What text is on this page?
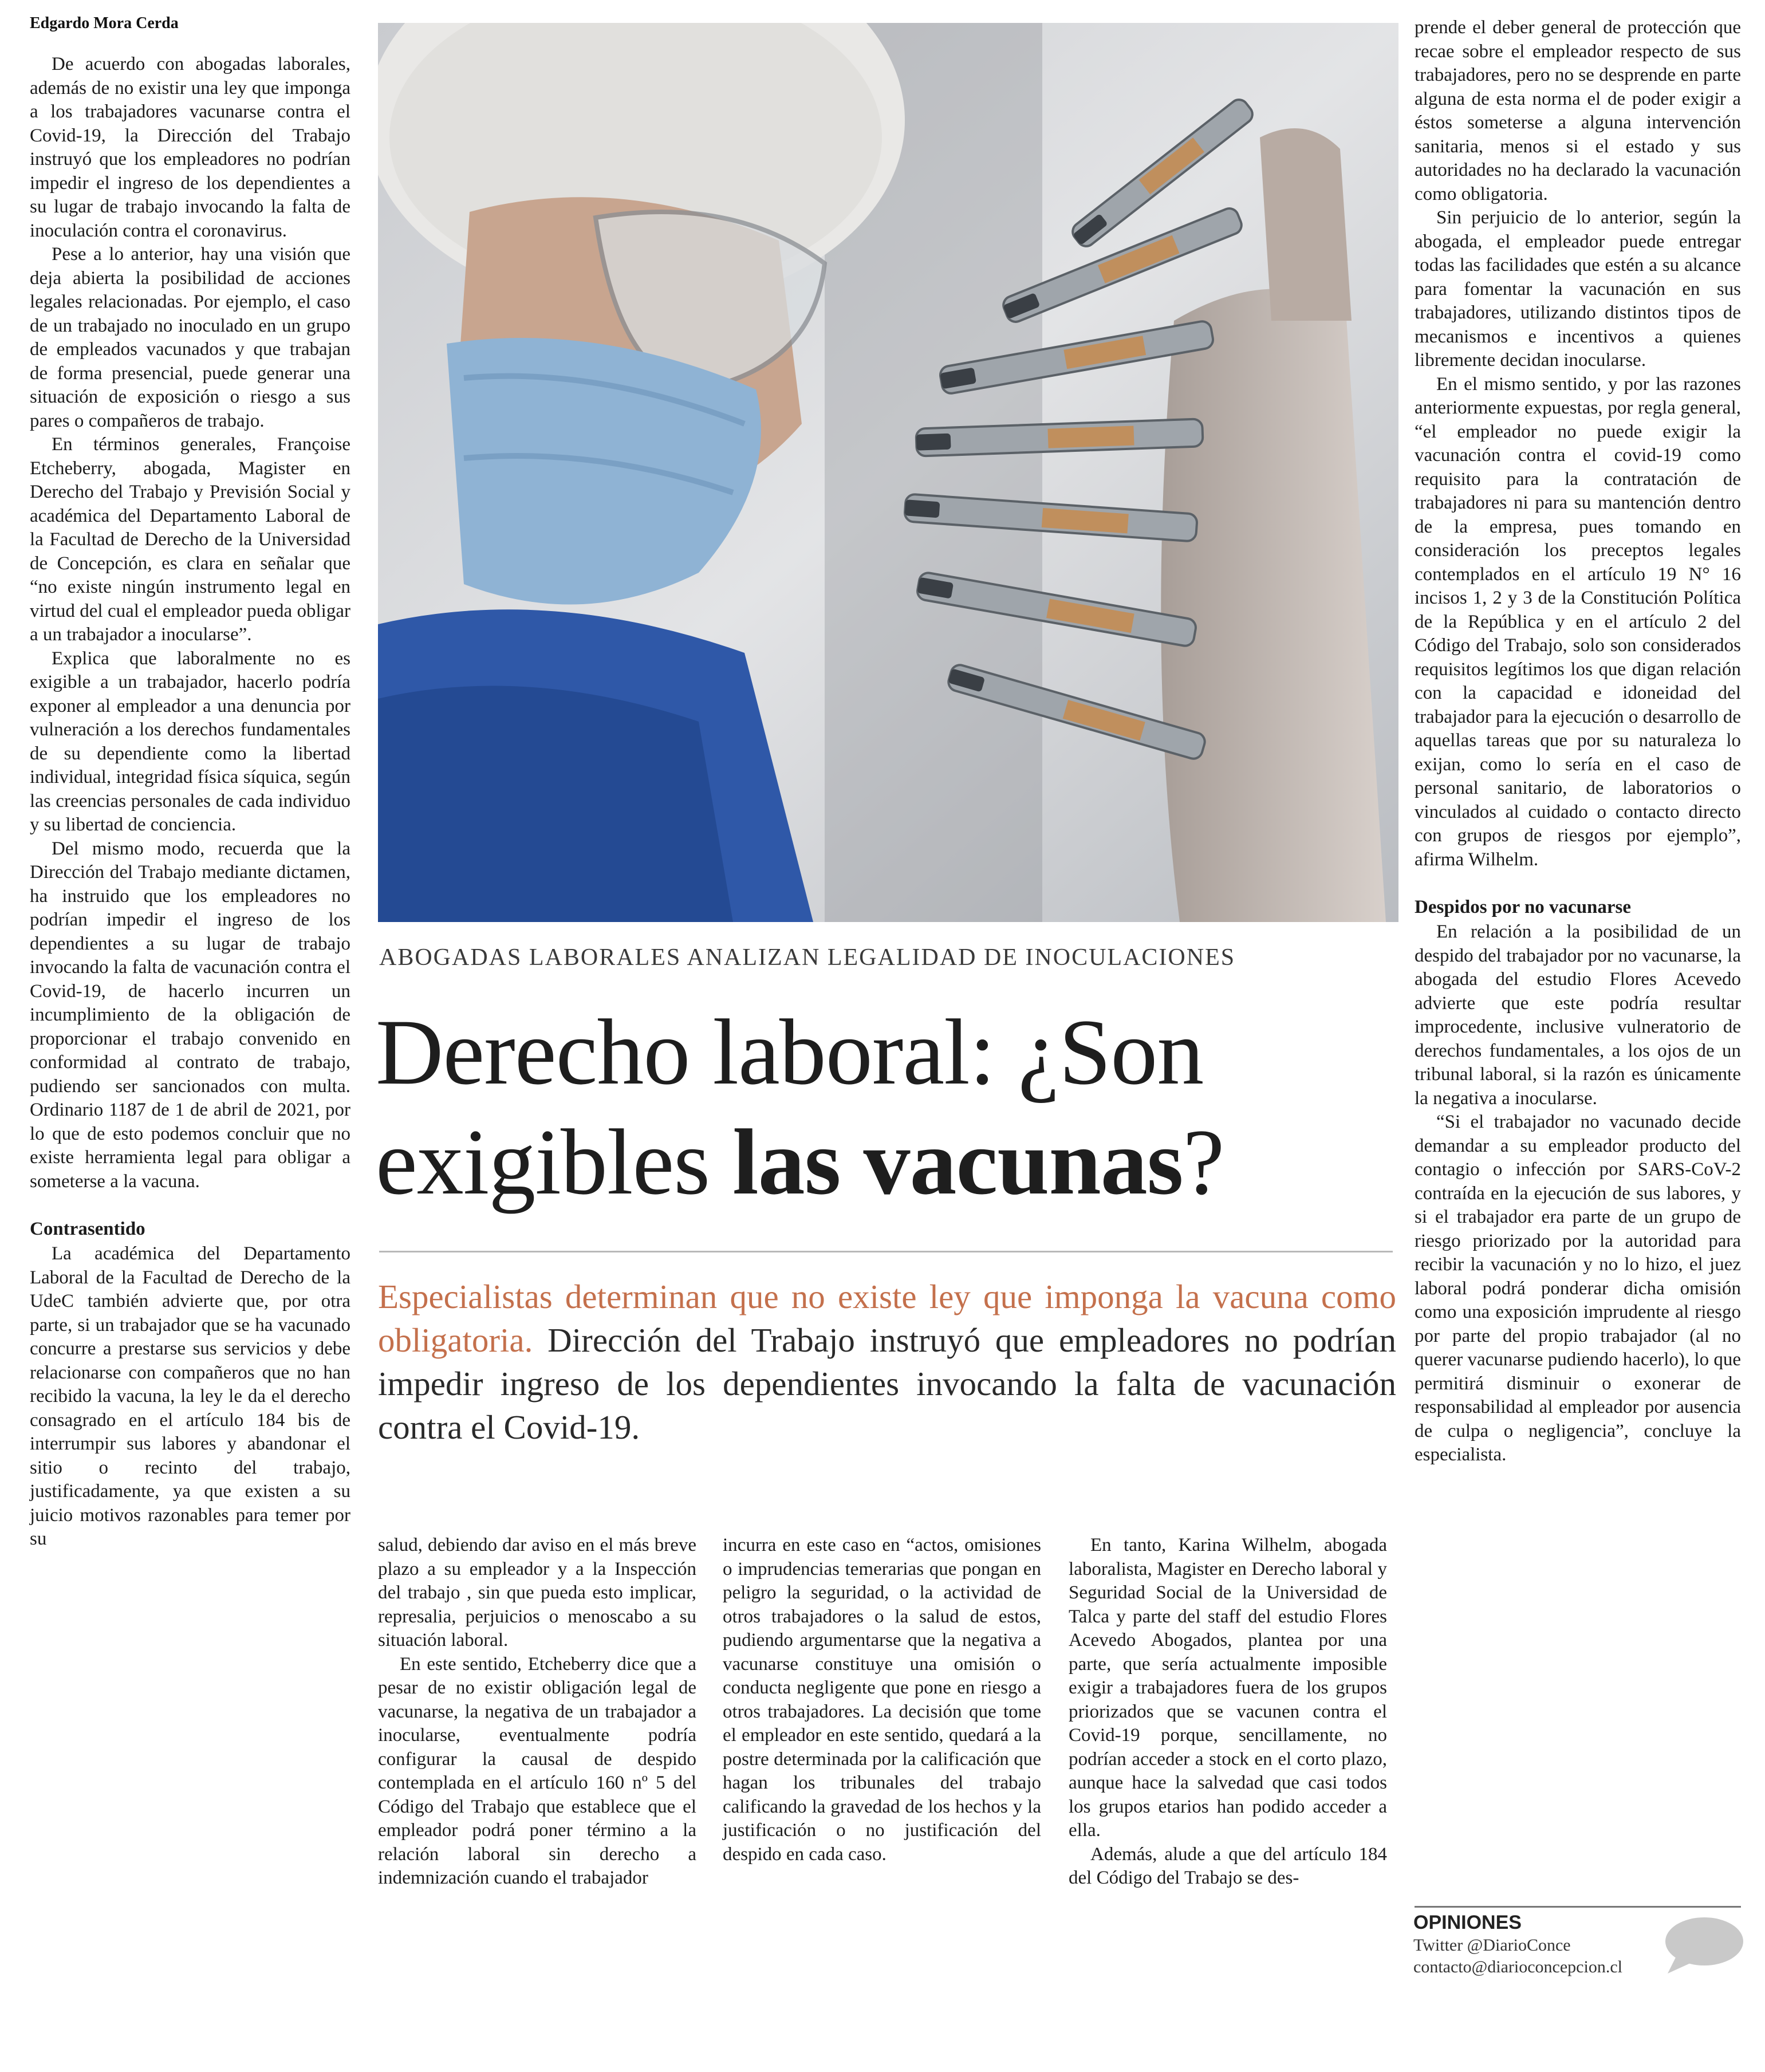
Edgardo Mora Cerda

De acuerdo con abogadas laborales, además de no existir una ley que imponga a los trabajadores vacunarse contra el Covid-19, la Dirección del Trabajo instruyó que los empleadores no podrían impedir el ingreso de los dependientes a su lugar de trabajo invocando la falta de inoculación contra el coronavirus.

Pese a lo anterior, hay una visión que deja abierta la posibilidad de acciones legales relacionadas. Por ejemplo, el caso de un trabajado no inoculado en un grupo de empleados vacunados y que trabajan de forma presencial, puede generar una situación de exposición o riesgo a sus pares o compañeros de trabajo.

En términos generales, Françoise Etcheberry, abogada, Magister en Derecho del Trabajo y Previsión Social y académica del Departamento Laboral de la Facultad de Derecho de la Universidad de Concepción, es clara en señalar que “no existe ningún instrumento legal en virtud del cual el empleador pueda obligar a un trabajador a inocularse”.

Explica que laboralmente no es exigible a un trabajador, hacerlo podría exponer al empleador a una denuncia por vulneración a los derechos fundamentales de su dependiente como la libertad individual, integridad física síquica, según las creencias personales de cada individuo y su libertad de conciencia.

Del mismo modo, recuerda que la Dirección del Trabajo mediante dictamen, ha instruido que los empleadores no podrían impedir el ingreso de los dependientes a su lugar de trabajo invocando la falta de vacunación contra el Covid-19, de hacerlo incurren un incumplimiento de la obligación de proporcionar el trabajo convenido en conformidad al contrato de trabajo, pudiendo ser sancionados con multa. Ordinario 1187 de 1 de abril de 2021, por lo que de esto podemos concluir que no existe herramienta legal para obligar a someterse a la vacuna.

Contrasentido

La académica del Departamento Laboral de la Facultad de Derecho de la UdeC también advierte que, por otra parte, si un trabajador que se ha vacunado concurre a prestarse sus servicios y debe relacionarse con compañeros que no han recibido la vacuna, la ley le da el derecho consagrado en el artículo 184 bis de interrumpir sus labores y abandonar el sitio o recinto del trabajo, justificadamente, ya que existen a su juicio motivos razonables para temer por su

ABOGADAS LABORALES ANALIZAN LEGALIDAD DE INOCULACIONES
Derecho laboral: ¿Son
exigibles las vacunas?
Especialistas determinan que no existe ley que imponga la vacuna como obligatoria. Dirección del Trabajo instruyó que empleadores no podrían impedir ingreso de los dependientes invocando la falta de vacunación contra el Covid-19.

salud, debiendo dar aviso en el más breve plazo a su empleador y a la Inspección del trabajo , sin que pueda esto implicar, represalia, perjuicios o menoscabo a su situación laboral.

En este sentido, Etcheberry dice que a pesar de no existir obligación legal de vacunarse, la negativa de un trabajador a inocularse, eventualmente podría configurar la causal de despido contemplada en el artículo 160 nº 5 del Código del Trabajo que establece que el empleador podrá poner término a la relación laboral sin derecho a indemnización cuando el trabajador

incurra en este caso en “actos, omisiones o imprudencias temerarias que pongan en peligro la seguridad, o la actividad de otros trabajadores o la salud de estos, pudiendo argumentarse que la negativa a vacunarse constituye una omisión o conducta negligente que pone en riesgo a otros trabajadores. La decisión que tome el empleador en este sentido, quedará a la postre determinada por la calificación que hagan los tribunales del trabajo calificando la gravedad de los hechos y la justificación o no justificación del despido en cada caso.

En tanto, Karina Wilhelm, abogada laboralista, Magister en Derecho laboral y Seguridad Social de la Universidad de Talca y parte del staff del estudio Flores Acevedo Abogados, plantea por una parte, que sería actualmente imposible exigir a trabajadores fuera de los grupos priorizados que se vacunen contra el Covid-19 porque, sencillamente, no podrían acceder a stock en el corto plazo, aunque hace la salvedad que casi todos los grupos etarios han podido acceder a ella.

Además, alude a que del artículo 184 del Código del Trabajo se des-

prende el deber general de protección que recae sobre el empleador respecto de sus trabajadores, pero no se desprende en parte alguna de esta norma el de poder exigir a éstos someterse a alguna intervención sanitaria, menos si el estado y sus autoridades no ha declarado la vacunación como obligatoria.

Sin perjuicio de lo anterior, según la abogada, el empleador puede entregar todas las facilidades que estén a su alcance para fomentar la vacunación en sus trabajadores, utilizando distintos tipos de mecanismos e incentivos a quienes libremente decidan inocularse.

En el mismo sentido, y por las razones anteriormente expuestas, por regla general, “el empleador no puede exigir la vacunación contra el covid-19 como requisito para la contratación de trabajadores ni para su mantención dentro de la empresa, pues tomando en consideración los preceptos legales contemplados en el artículo 19 N° 16 incisos 1, 2 y 3 de la Constitución Política de la República y en el artículo 2 del Código del Trabajo, solo son considerados requisitos legítimos los que digan relación con la capacidad e idoneidad del trabajador para la ejecución o desarrollo de aquellas tareas que por su naturaleza lo exijan, como lo sería en el caso de personal sanitario, de laboratorios o vinculados al cuidado o contacto directo con grupos de riesgos por ejemplo”, afirma Wilhelm.

Despidos por no vacunarse

En relación a la posibilidad de un despido del trabajador por no vacunarse, la abogada del estudio Flores Acevedo advierte que este podría resultar improcedente, inclusive vulneratorio de derechos fundamentales, a los ojos de un tribunal laboral, si la razón es únicamente la negativa a inocularse.

“Si el trabajador no vacunado decide demandar a su empleador producto del contagio o infección por SARS-CoV-2 contraída en la ejecución de sus labores, y si el trabajador era parte de un grupo de riesgo priorizado por la autoridad para recibir la vacunación y no lo hizo, el juez laboral podrá ponderar dicha omisión como una exposición imprudente al riesgo por parte del propio trabajador (al no querer vacunarse pudiendo hacerlo), lo que permitirá disminuir o exonerar de responsabilidad al empleador por ausencia de culpa o negligencia”, concluye la especialista.

OPINIONES
Twitter @DiarioConce
contacto@diarioconcepcion.cl
